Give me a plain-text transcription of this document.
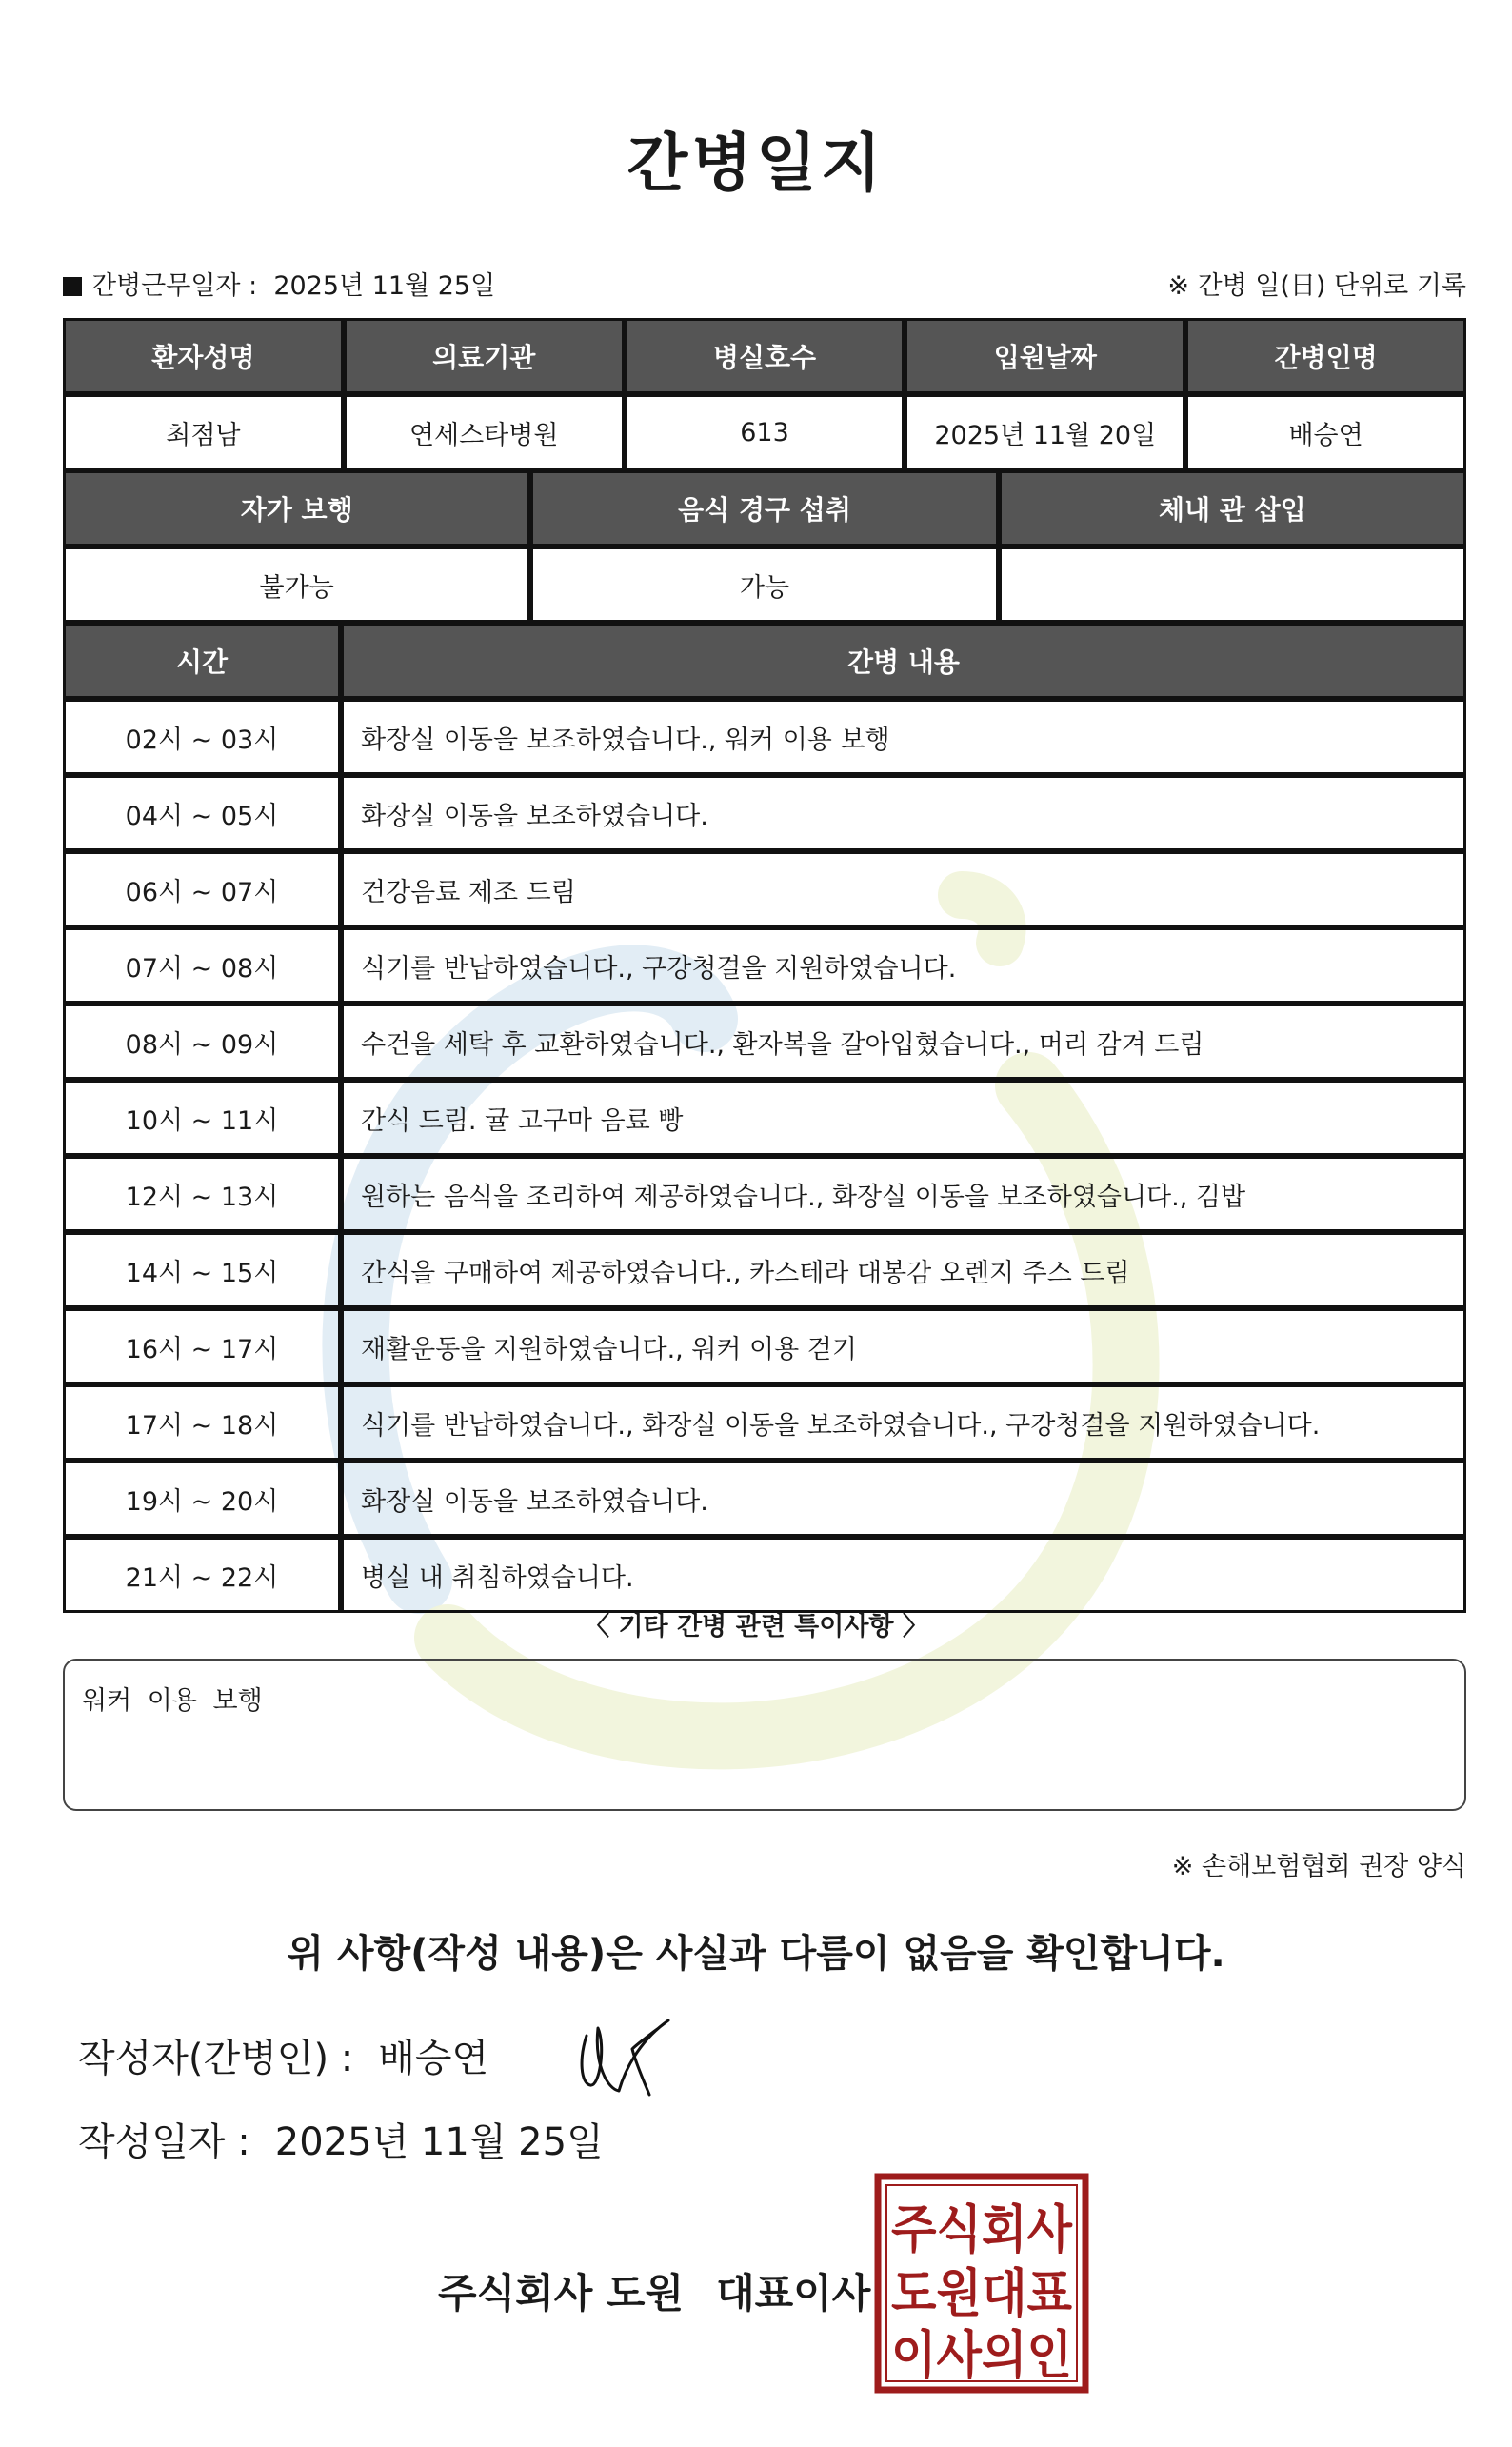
간병일지
간병근무일자 : 2025년 11월 25일	※ 간병 일(日) 단위로 기록
환자성명	의료기관	병실호수	입원날짜	간병인명
최점남	연세스타병원	613	2025년 11월 20일	배승연
자가 보행	음식 경구 섭취	체내 관 삽입
불가능	가능	
시간	간병 내용
02시 ~ 03시	화장실 이동을 보조하였습니다., 워커 이용 보행
04시 ~ 05시	화장실 이동을 보조하였습니다.
06시 ~ 07시	건강음료 제조 드림
07시 ~ 08시	식기를 반납하였습니다., 구강청결을 지원하였습니다.
08시 ~ 09시	수건을 세탁 후 교환하였습니다., 환자복을 갈아입혔습니다., 머리 감겨 드림
10시 ~ 11시	간식 드림. 귤 고구마 음료 빵
12시 ~ 13시	원하는 음식을 조리하여 제공하였습니다., 화장실 이동을 보조하였습니다., 김밥
14시 ~ 15시	간식을 구매하여 제공하였습니다., 카스테라 대봉감 오렌지 주스 드림
16시 ~ 17시	재활운동을 지원하였습니다., 워커 이용 걷기
17시 ~ 18시	식기를 반납하였습니다., 화장실 이동을 보조하였습니다., 구강청결을 지원하였습니다.
19시 ~ 20시	화장실 이동을 보조하였습니다.
21시 ~ 22시	병실 내 취침하였습니다.
〈 기타 간병 관련 특이사항 〉
워커 이용 보행
※ 손해보험협회 권장 양식
위 사항(작성 내용)은 사실과 다름이 없음을 확인합니다.
작성자(간병인) : 배승연
작성일자 : 2025년 11월 25일
주식회사 도원 대표이사
주식회사
도원대표
이사의인
